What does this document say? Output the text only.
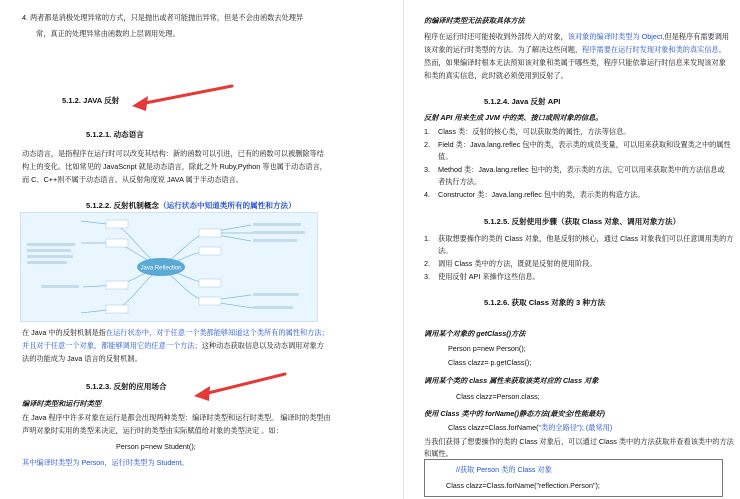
4. 两者都是消极处理异常的方式，只是抛出或者可能抛出异常，但是不会由函数去处理异
常，真正的处理异常由函数的上层调用处理。
5.1.2. JAVA 反射
5.1.2.1. 动态语言
动态语言，是指程序在运行时可以改变其结构：新的函数可以引进，已有的函数可以被删除等结
构上的变化。比如常见的 JavaScript 就是动态语言，除此之外 Ruby,Python 等也属于动态语言，
而 C、C++则不属于动态语言。从反射角度说 JAVA 属于半动态语言。
5.1.2.2. 反射机制概念（运行状态中知道类所有的属性和方法）
Java Reflection
在 Java 中的反射机制是指在运行状态中，对于任意一个类都能够知道这个类所有的属性和方法；
并且对于任意一个对象，都能够调用它的任意一个方法；这种动态获取信息以及动态调用对象方
法的功能成为 Java 语言的反射机制。
5.1.2.3. 反射的应用场合
编译时类型和运行时类型
在 Java 程序中许多对象在运行是都会出现两种类型：编译时类型和运行时类型。 编译时的类型由
声明对象时实用的类型来决定，运行时的类型由实际赋值给对象的类型决定 。如：
Person p=new Student();
其中编译时类型为 Person，运行时类型为 Student。
的编译时类型无法获取具体方法
程序在运行时还可能接收到外部传入的对象，该对象的编译时类型为 Object,但是程序有需要调用
该对象的运行时类型的方法。为了解决这些问题，程序需要在运行时发现对象和类的真实信息。
然而，如果编译时根本无法预知该对象和类属于哪些类，程序只能依靠运行时信息来发现该对象
和类的真实信息，此时就必须使用到反射了。
5.1.2.4. Java 反射 API
反射 API 用来生成 JVM 中的类、接口或则对象的信息。
1. Class 类：反射的核心类，可以获取类的属性，方法等信息。
2. Field 类：Java.lang.reflec 包中的类，表示类的成员变量，可以用来获取和设置类之中的属性
值。
3. Method 类：Java.lang.reflec 包中的类，表示类的方法，它可以用来获取类中的方法信息或
者执行方法。
4. Constructor 类：Java.lang.reflec 包中的类，表示类的构造方法。
5.1.2.5. 反射使用步骤（获取 Class 对象、调用对象方法）
1. 获取想要操作的类的 Class 对象，他是反射的核心，通过 Class 对象我们可以任意调用类的方
法。
2. 调用 Class 类中的方法，既就是反射的使用阶段。
3. 使用反射 API 来操作这些信息。
5.1.2.6. 获取 Class 对象的 3 种方法
调用某个对象的 getClass()方法
Person p=new Person();
Class clazz= p.getClass();
调用某个类的 class 属性来获取该类对应的 Class 对象
Class clazz=Person.class;
使用 Class 类中的 forName()静态方法(最安全/性能最好)
Class clazz=Class.forName("类的全路径"); (最常用)
当我们获得了想要操作的类的 Class 对象后，可以通过 Class 类中的方法获取并查看该类中的方法
和属性。
//获取 Person 类的 Class 对象
Class clazz=Class.forName("reflection.Person");
